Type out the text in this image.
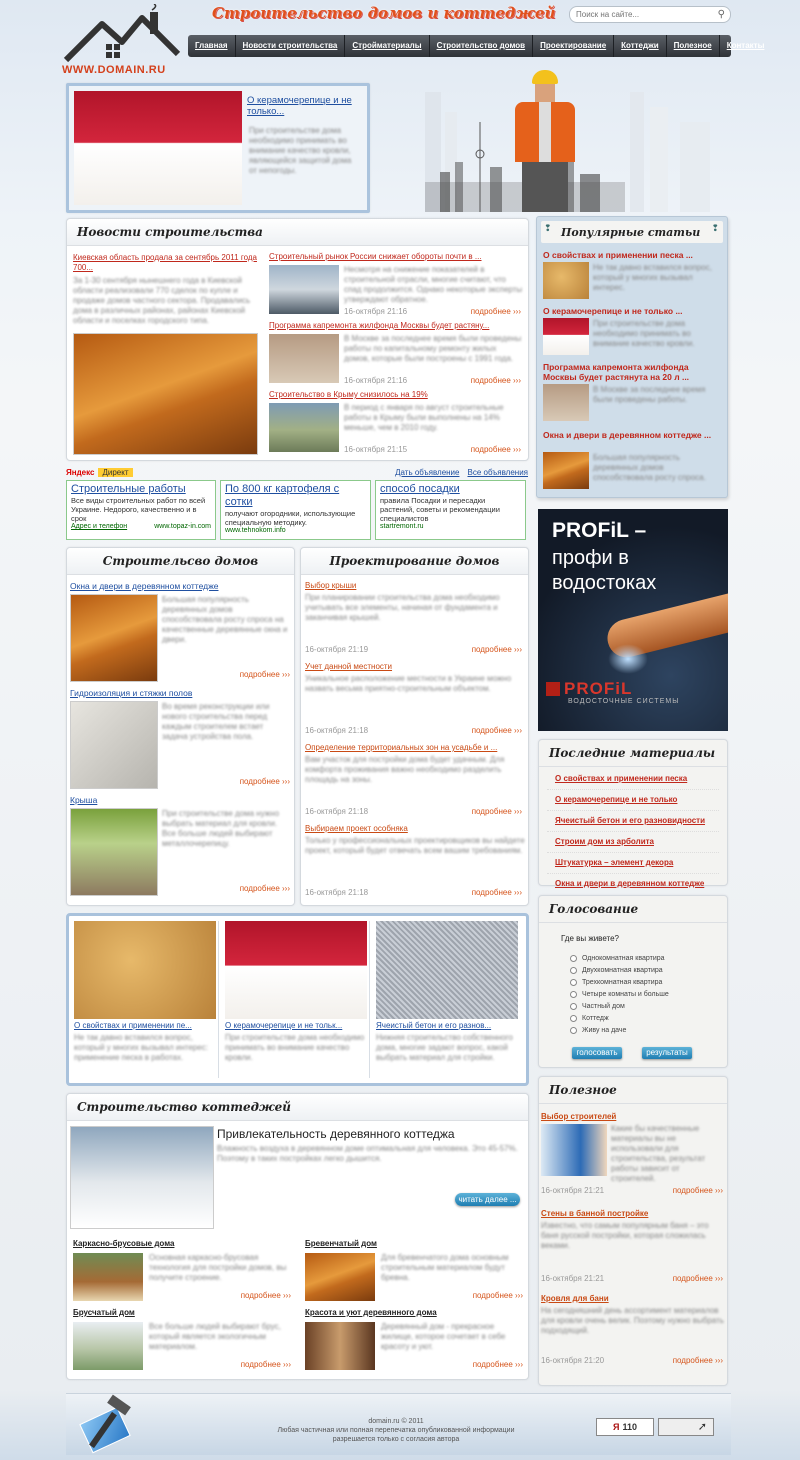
WWW.DOMAIN.RU
Строительство домов и коттеджей
Поиск на сайте...	⚲
Главная	Новости строительства	Стройматериалы	Строительство домов	Проектирование	Коттеджи	Полезное	Контакты
О керамочерепице и не только...
При строительстве дома необходимо принимать во внимание качество кровли, являющейся защитой дома от непогоды.
Новости строительства
Киевская область продала за сентябрь 2011 года 700...
За 1-30 сентября нынешнего года в Киевской области реализовали 770 сделок по купле и продаже домов частного сектора. Продавались дома в различных районах, районах Киевской области и поселках городского типа.
Строительный рынок России снижает обороты почти в ...
Несмотря на снижение показателей в строительной отрасли, многие считают, что спад продолжится. Однако некоторые эксперты утверждают обратное.
16-октября 21:16	подробнее ›››
Программа капремонта жилфонда Москвы будет растяну...
В Москве за последнее время были проведены работы по капитальному ремонту жилых домов, которые были построены с 1991 года.
16-октября 21:16	подробнее ›››
Строительство в Крыму снизилось на 19%
В период с января по август строительные работы в Крыму были выполнены на 14% меньше, чем в 2010 году.
16-октября 21:15	подробнее ›››
Яндекс	Директ	Дать объявление Все объявления
Строительные работы
Все виды строительных работ по всей Украине. Недорого, качественно и в срок
Адрес и телефон	www.topaz-in.com
По 800 кг картофеля с сотки
получают огородники, использующие специальную методику.
www.tehnokom.info
способ посадки
правила Посадки и пересадки растений, советы и рекомендации специалистов
startremont.ru
Строительсво домов
Окна и двери в деревянном коттедже
Большая популярность деревянных домов способствовала росту спроса на качественные деревянные окна и двери.
подробнее ›››
Гидроизоляция и стяжки полов
Во время реконструкции или нового строительства перед каждым строителем встает задача устройства пола.
подробнее ›››
Крыша
При строительстве дома нужно выбрать материал для кровли. Все больше людей выбирают металлочерепицу.
подробнее ›››
Проектирование домов
Выбор крыши
При планировании строительства дома необходимо учитывать все элементы, начиная от фундамента и заканчивая крышей.
16-октября 21:19	подробнее ›››
Учет данной местности
Уникальное расположение местности в Украине можно назвать весьма приятно-строительным объектом.
16-октября 21:18	подробнее ›››
Определение территориальных зон на усадьбе и ...
Вам участок для постройки дома будет удачным. Для комфорта проживания важно необходимо разделить площадь на зоны.
16-октября 21:18	подробнее ›››
Выбираем проект особняка
Только у профессиональных проектировщиков вы найдете проект, который будет отвечать всем вашим требованиям.
16-октября 21:18	подробнее ›››
О свойствах и применении пе...
Не так давно вставился вопрос, который у многих вызывал интерес: применение песка в работах.
О керамочерепице и не тольк...
При строительстве дома необходимо принимать во внимание качество кровли.
Ячеистый бетон и его разнов...
Нижняя строительство собственного дома, многие задают вопрос, какой выбрать материал для стройки.
Строительство коттеджей
Привлекательность деревянного коттеджа
Влажность воздуха в деревянном доме оптимальная для человека. Это 45-57%. Поэтому в таких постройках легко дышится.
читать далее ...
Каркасно-брусовые дома
Основная каркасно-брусовая технология для постройки домов, вы получите строение.
подробнее ›››
Бревенчатый дом
Для бревенчатого дома основным строительным материалом будут бревна.
подробнее ›››
Брусчатый дом
Все больше людей выбирают брус, который является экологичным материалом.
подробнее ›››
Красота и уют деревянного дома
Деревянный дом - прекрасное жилище, которое сочетает в себе красоту и уют.
подробнее ›››
❢ Популярные статьи ❢
О свойствах и применении песка ...
Не так давно вставился вопрос, который у многих вызывал интерес.
О керамочерепице и не только ...
При строительстве дома необходимо принимать во внимание качество кровли.
Программа капремонта жилфонда Москвы будет растянута на 20 л ...
В Москве за последнее время были проведены работы.
Окна и двери в деревянном коттедже ...
Большая популярность деревянных домов способствовала росту спроса.
PROFiL –
профи в
водостоках
PROFiL
ВОДОСТОЧНЫЕ СИСТЕМЫ
Последние материалы
О свойствах и применении песка
О керамочерепице и не только
Ячеистый бетон и его разновидности
Строим дом из арболита
Штукатурка – элемент декора
Окна и двери в деревянном коттедже
Голосование
Где вы живете?
Однокомнатная квартира
Двухкомнатная квартира
Трехкомнатная квартира
Четыре комнаты и больше
Частный дом
Коттедж
Живу на даче
голосовать	результаты
Полезное
Выбор строителей
Какие бы качественные материалы вы не использовали для строительства, результат работы зависит от строителей.
16-октября 21:21	подробнее ›››
Стены в банной постройке
Известно, что самым популярным баня – это баня русской постройки, которая сложилась веками.
16-октября 21:21	подробнее ›››
Кровля для бани
На сегодняшний день ассортимент материалов для кровли очень велик. Поэтому нужно выбрать подходящий.
16-октября 21:20	подробнее ›››
domain.ru © 2011
Любая частичная или полная перепечатка опубликованной информации
разрешается только с согласия автора
Я 110	➚
